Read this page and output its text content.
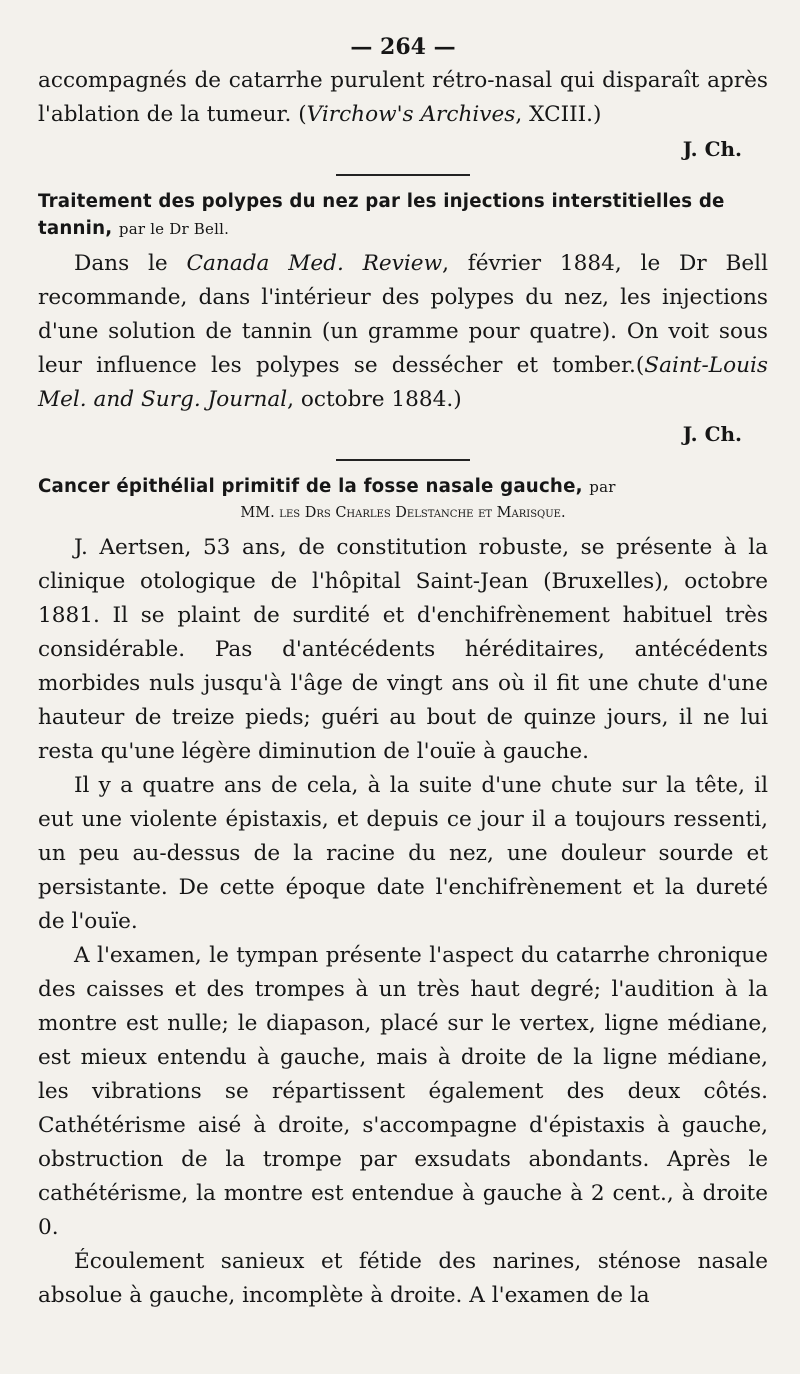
— 264 —

accompagnés de catarrhe purulent rétro-nasal qui disparaît après l'ablation de la tumeur. (Virchow's Archives, XCIII.)

J. Ch.

Traitement des polypes du nez par les injections interstitielles de tannin, par le Dr Bell.

Dans le Canada Med. Review, février 1884, le Dr Bell recommande, dans l'intérieur des polypes du nez, les injections d'une solution de tannin (un gramme pour quatre). On voit sous leur influence les polypes se dessécher et tomber.(Saint-Louis Mel. and Surg. Journal, octobre 1884.)

J. Ch.

Cancer épithélial primitif de la fosse nasale gauche, par

MM. les Drs Charles Delstanche et Marisque.

J. Aertsen, 53 ans, de constitution robuste, se présente à la clinique otologique de l'hôpital Saint-Jean (Bruxelles), octobre 1881. Il se plaint de surdité et d'enchifrènement habituel très considérable. Pas d'antécédents héréditaires, antécédents morbides nuls jusqu'à l'âge de vingt ans où il fit une chute d'une hauteur de treize pieds; guéri au bout de quinze jours, il ne lui resta qu'une légère diminution de l'ouïe à gauche.

Il y a quatre ans de cela, à la suite d'une chute sur la tête, il eut une violente épistaxis, et depuis ce jour il a toujours ressenti, un peu au-dessus de la racine du nez, une douleur sourde et persistante. De cette époque date l'enchifrènement et la dureté de l'ouïe.

A l'examen, le tympan présente l'aspect du catarrhe chronique des caisses et des trompes à un très haut degré; l'audition à la montre est nulle; le diapason, placé sur le vertex, ligne médiane, est mieux entendu à gauche, mais à droite de la ligne médiane, les vibrations se répartissent également des deux côtés. Cathétérisme aisé à droite, s'accompagne d'épistaxis à gauche, obstruction de la trompe par exsudats abondants. Après le cathétérisme, la montre est entendue à gauche à 2 cent., à droite 0.

Écoulement sanieux et fétide des narines, sténose nasale absolue à gauche, incomplète à droite. A l'examen de la
